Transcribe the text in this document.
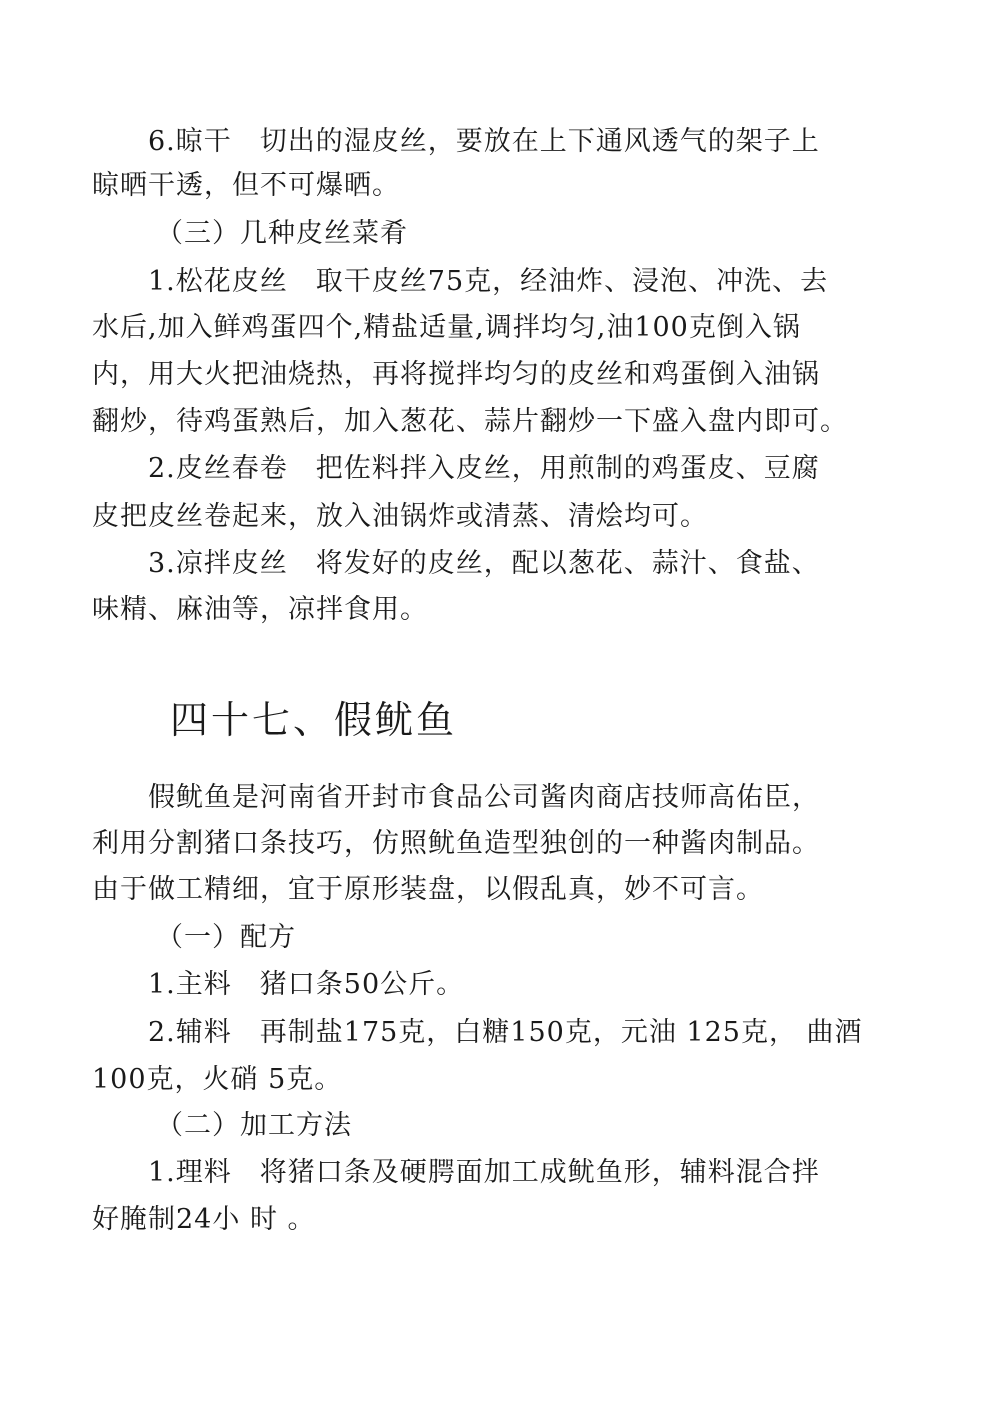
6.晾干　切出的湿皮丝，要放在上下通风透气的架子上
晾晒干透，但不可爆晒。
（三）几种皮丝菜肴
1.松花皮丝　取干皮丝75克，经油炸、浸泡、冲洗、去
水后,加入鲜鸡蛋四个,精盐适量,调拌均匀,油100克倒入锅
内，用大火把油烧热，再将搅拌均匀的皮丝和鸡蛋倒入油锅
翻炒，待鸡蛋熟后，加入葱花、蒜片翻炒一下盛入盘内即可。
2.皮丝春卷　把佐料拌入皮丝，用煎制的鸡蛋皮、豆腐
皮把皮丝卷起来，放入油锅炸或清蒸、清烩均可。
3.凉拌皮丝　将发好的皮丝，配以葱花、蒜汁、食盐、
味精、麻油等，凉拌食用。
四十七、假鱿鱼
假鱿鱼是河南省开封市食品公司酱肉商店技师高佑臣，
利用分割猪口条技巧，仿照鱿鱼造型独创的一种酱肉制品。
由于做工精细，宜于原形装盘，以假乱真，妙不可言。
（一）配方
1.主料　猪口条50公斤。
2.辅料　再制盐175克，白糖150克，元油 125克， 曲酒
100克，火硝 5克。
（二）加工方法
1.理料　将猪口条及硬腭面加工成鱿鱼形，辅料混合拌
好腌制24小 时 。
